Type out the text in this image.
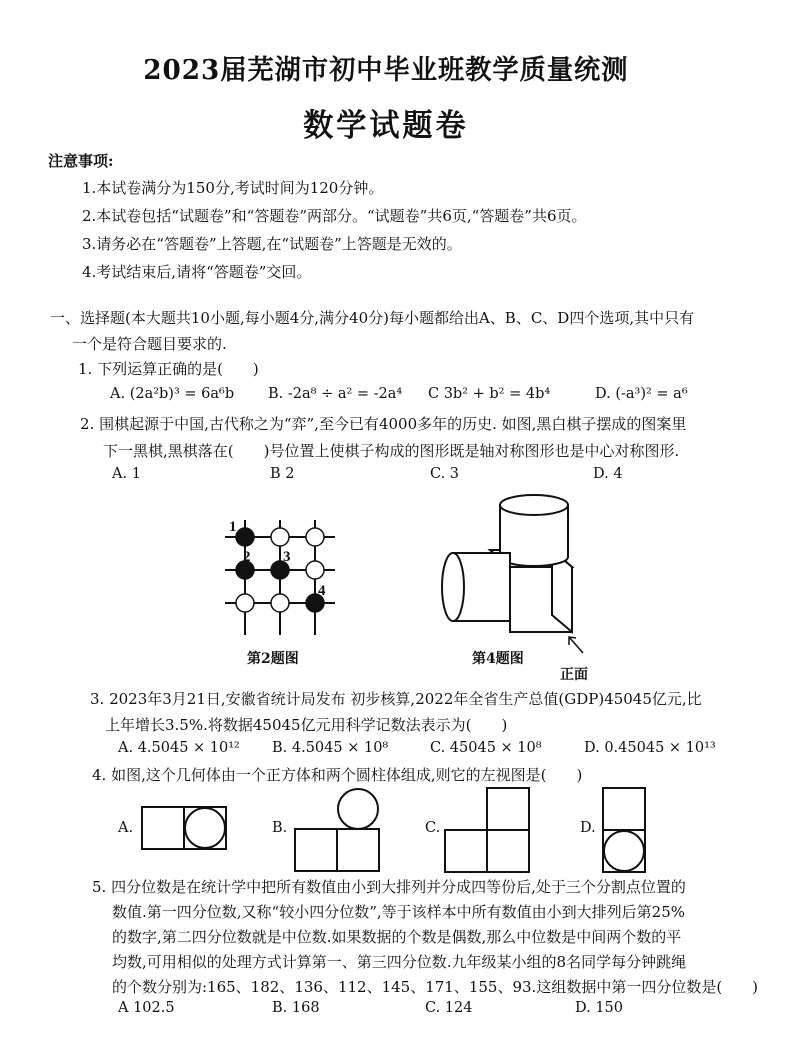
2023届芜湖市初中毕业班教学质量统测
数学试题卷
注意事项:
1.本试卷满分为150分,考试时间为120分钟。
2.本试卷包括“试题卷”和“答题卷”两部分。“试题卷”共6页,“答题卷”共6页。
3.请务必在“答题卷”上答题,在“试题卷”上答题是无效的。
4.考试结束后,请将“答题卷”交回。
一、选择题(本大题共10小题,每小题4分,满分40分)每小题都给出A、B、C、D四个选项,其中只有
一个是符合题目要求的.
1. 下列运算正确的是(　　)
A. (2a²b)³ = 6a⁶b B. -2a⁸ ÷ a² = -2a⁴ C 3b² + b² = 4b⁴	D. (-a³)² = a⁶
2. 围棋起源于中国,古代称之为“弈”,至今已有4000多年的历史. 如图,黑白棋子摆成的图案里
下一黑棋,黑棋落在(　　)号位置上使棋子构成的图形既是轴对称图形也是中心对称图形.
A. 1	B 2	C. 3	D. 4
1
2 3
4
第2题图	第4题图
正面
3. 2023年3月21日,安徽省统计局发布 初步核算,2022年全省生产总值(GDP)45045亿元,比
上年增长3.5%.将数据45045亿元用科学记数法表示为(　　)
A. 4.5045 × 10¹² B. 4.5045 × 10⁸	C. 45045 × 10⁸	D. 0.45045 × 10¹³
4. 如图,这个几何体由一个正方体和两个圆柱体组成,则它的左视图是(　　)
A.	B.	C.	D.
5. 四分位数是在统计学中把所有数值由小到大排列并分成四等份后,处于三个分割点位置的
数值.第一四分位数,又称“较小四分位数”,等于该样本中所有数值由小到大排列后第25%
的数字,第二四分位数就是中位数.如果数据的个数是偶数,那么中位数是中间两个数的平
均数,可用相似的处理方式计算第一、第三四分位数.九年级某小组的8名同学每分钟跳绳
的个数分别为:165、182、136、112、145、171、155、93.这组数据中第一四分位数是(　　)
A 102.5	B. 168	C. 124	D. 150
